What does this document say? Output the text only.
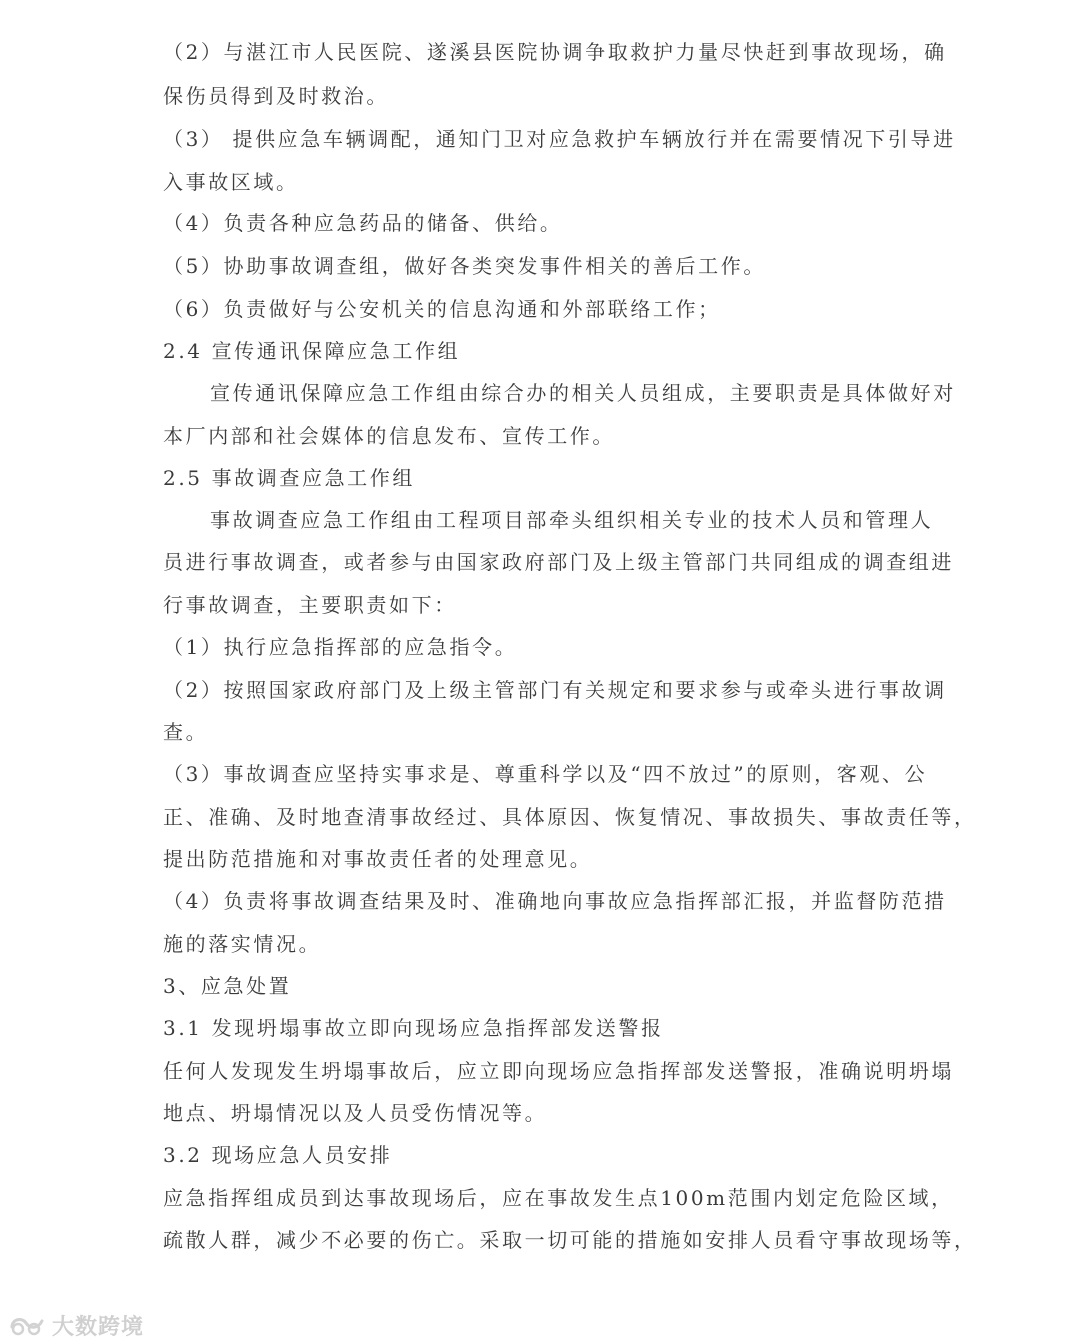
（2）与湛江市人民医院、遂溪县医院协调争取救护力量尽快赶到事故现场，确
保伤员得到及时救治。
（3） 提供应急车辆调配，通知门卫对应急救护车辆放行并在需要情况下引导进
入事故区域。
（4）负责各种应急药品的储备、供给。
（5）协助事故调查组，做好各类突发事件相关的善后工作。
（6）负责做好与公安机关的信息沟通和外部联络工作；
2.4 宣传通讯保障应急工作组
宣传通讯保障应急工作组由综合办的相关人员组成，主要职责是具体做好对
本厂内部和社会媒体的信息发布、宣传工作。
2.5 事故调查应急工作组
事故调查应急工作组由工程项目部牵头组织相关专业的技术人员和管理人
员进行事故调查，或者参与由国家政府部门及上级主管部门共同组成的调查组进
行事故调查，主要职责如下：
（1）执行应急指挥部的应急指令。
（2）按照国家政府部门及上级主管部门有关规定和要求参与或牵头进行事故调
查。
（3）事故调查应坚持实事求是、尊重科学以及“四不放过”的原则，客观、公
正、准确、及时地查清事故经过、具体原因、恢复情况、事故损失、事故责任等，
提出防范措施和对事故责任者的处理意见。
（4）负责将事故调查结果及时、准确地向事故应急指挥部汇报，并监督防范措
施的落实情况。
3、应急处置
3.1 发现坍塌事故立即向现场应急指挥部发送警报
任何人发现发生坍塌事故后，应立即向现场应急指挥部发送警报，准确说明坍塌
地点、坍塌情况以及人员受伤情况等。
3.2 现场应急人员安排
应急指挥组成员到达事故现场后，应在事故发生点100m范围内划定危险区域，
疏散人群，减少不必要的伤亡。采取一切可能的措施如安排人员看守事故现场等，
大数跨境
